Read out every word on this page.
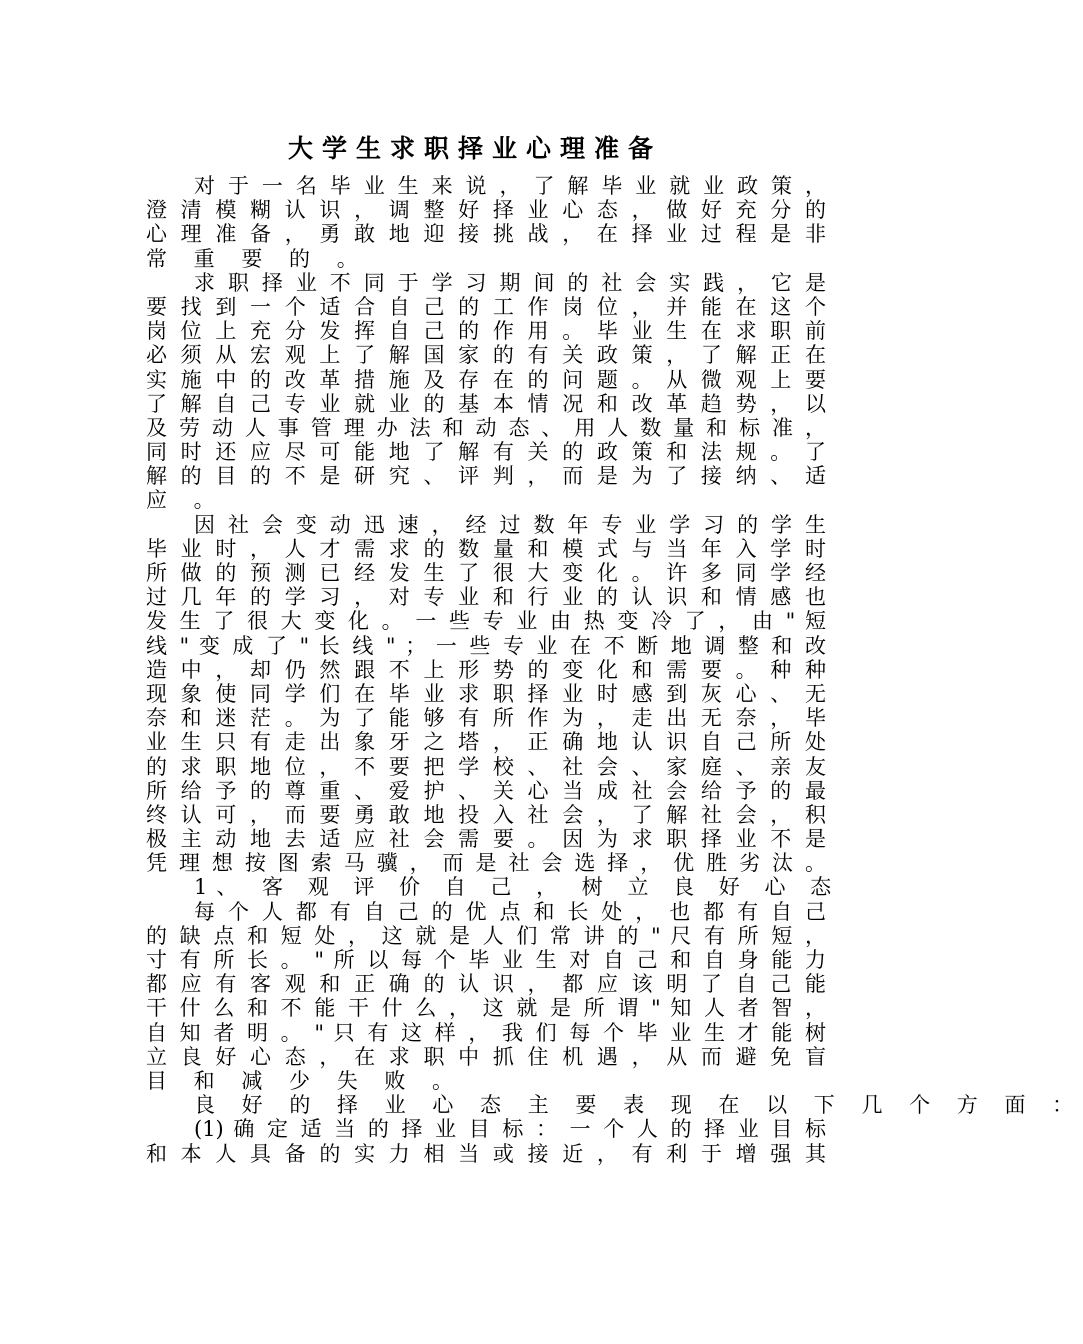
大学生求职择业心理准备
对 于 一 名 毕 业 生 来 说 ， 了 解 毕 业 就 业 政 策 ，
澄 清 模 糊 认 识 ， 调 整 好 择 业 心 态 ， 做 好 充 分 的
心 理 准 备 ， 勇 敢 地 迎 接 挑 战 ， 在 择 业 过 程 是 非
常 重 要 的 。
求 职 择 业 不 同 于 学 习 期 间 的 社 会 实 践 ， 它 是
要 找 到 一 个 适 合 自 己 的 工 作 岗 位 ， 并 能 在 这 个
岗 位 上 充 分 发 挥 自 己 的 作 用 。 毕 业 生 在 求 职 前
必 须 从 宏 观 上 了 解 国 家 的 有 关 政 策 ， 了 解 正 在
实 施 中 的 改 革 措 施 及 存 在 的 问 题 。 从 微 观 上 要
了 解 自 己 专 业 就 业 的 基 本 情 况 和 改 革 趋 势 ， 以
及 劳 动 人 事 管 理 办 法 和 动 态 、 用 人 数 量 和 标 准 ，
同 时 还 应 尽 可 能 地 了 解 有 关 的 政 策 和 法 规 。 了
解 的 目 的 不 是 研 究 、 评 判 ， 而 是 为 了 接 纳 、 适
应 。
因 社 会 变 动 迅 速 ， 经 过 数 年 专 业 学 习 的 学 生
毕 业 时 ， 人 才 需 求 的 数 量 和 模 式 与 当 年 入 学 时
所 做 的 预 测 已 经 发 生 了 很 大 变 化 。 许 多 同 学 经
过 几 年 的 学 习 ， 对 专 业 和 行 业 的 认 识 和 情 感 也
发 生 了 很 大 变 化 。 一 些 专 业 由 热 变 冷 了 ， 由 " 短
线 " 变 成 了 " 长 线 " ； 一 些 专 业 在 不 断 地 调 整 和 改
造 中 ， 却 仍 然 跟 不 上 形 势 的 变 化 和 需 要 。 种 种
现 象 使 同 学 们 在 毕 业 求 职 择 业 时 感 到 灰 心 、 无
奈 和 迷 茫 。 为 了 能 够 有 所 作 为 ， 走 出 无 奈 ， 毕
业 生 只 有 走 出 象 牙 之 塔 ， 正 确 地 认 识 自 己 所 处
的 求 职 地 位 ， 不 要 把 学 校 、 社 会 、 家 庭 、 亲 友
所 给 予 的 尊 重 、 爱 护 、 关 心 当 成 社 会 给 予 的 最
终 认 可 ， 而 要 勇 敢 地 投 入 社 会 ， 了 解 社 会 ， 积
极 主 动 地 去 适 应 社 会 需 要 。 因 为 求 职 择 业 不 是
凭 理 想 按 图 索 马 骥 ， 而 是 社 会 选 择 ， 优 胜 劣 汰 。
1、 客 观 评 价 自 己 ， 树 立 良 好 心 态
每 个 人 都 有 自 己 的 优 点 和 长 处 ， 也 都 有 自 己
的 缺 点 和 短 处 ， 这 就 是 人 们 常 讲 的 " 尺 有 所 短 ，
寸 有 所 长 。 " 所 以 每 个 毕 业 生 对 自 己 和 自 身 能 力
都 应 有 客 观 和 正 确 的 认 识 ， 都 应 该 明 了 自 己 能
干 什 么 和 不 能 干 什 么 ， 这 就 是 所 谓 " 知 人 者 智 ，
自 知 者 明 。 " 只 有 这 样 ， 我 们 每 个 毕 业 生 才 能 树
立 良 好 心 态 ， 在 求 职 中 抓 住 机 遇 ， 从 而 避 免 盲
目 和 减 少 失 败 。
良 好 的 择 业 心 态 主 要 表 现 在 以 下 几 个 方 面 ：
(1) 确 定 适 当 的 择 业 目 标 ： 一 个 人 的 择 业 目 标
和 本 人 具 备 的 实 力 相 当 或 接 近 ， 有 利 于 增 强 其
